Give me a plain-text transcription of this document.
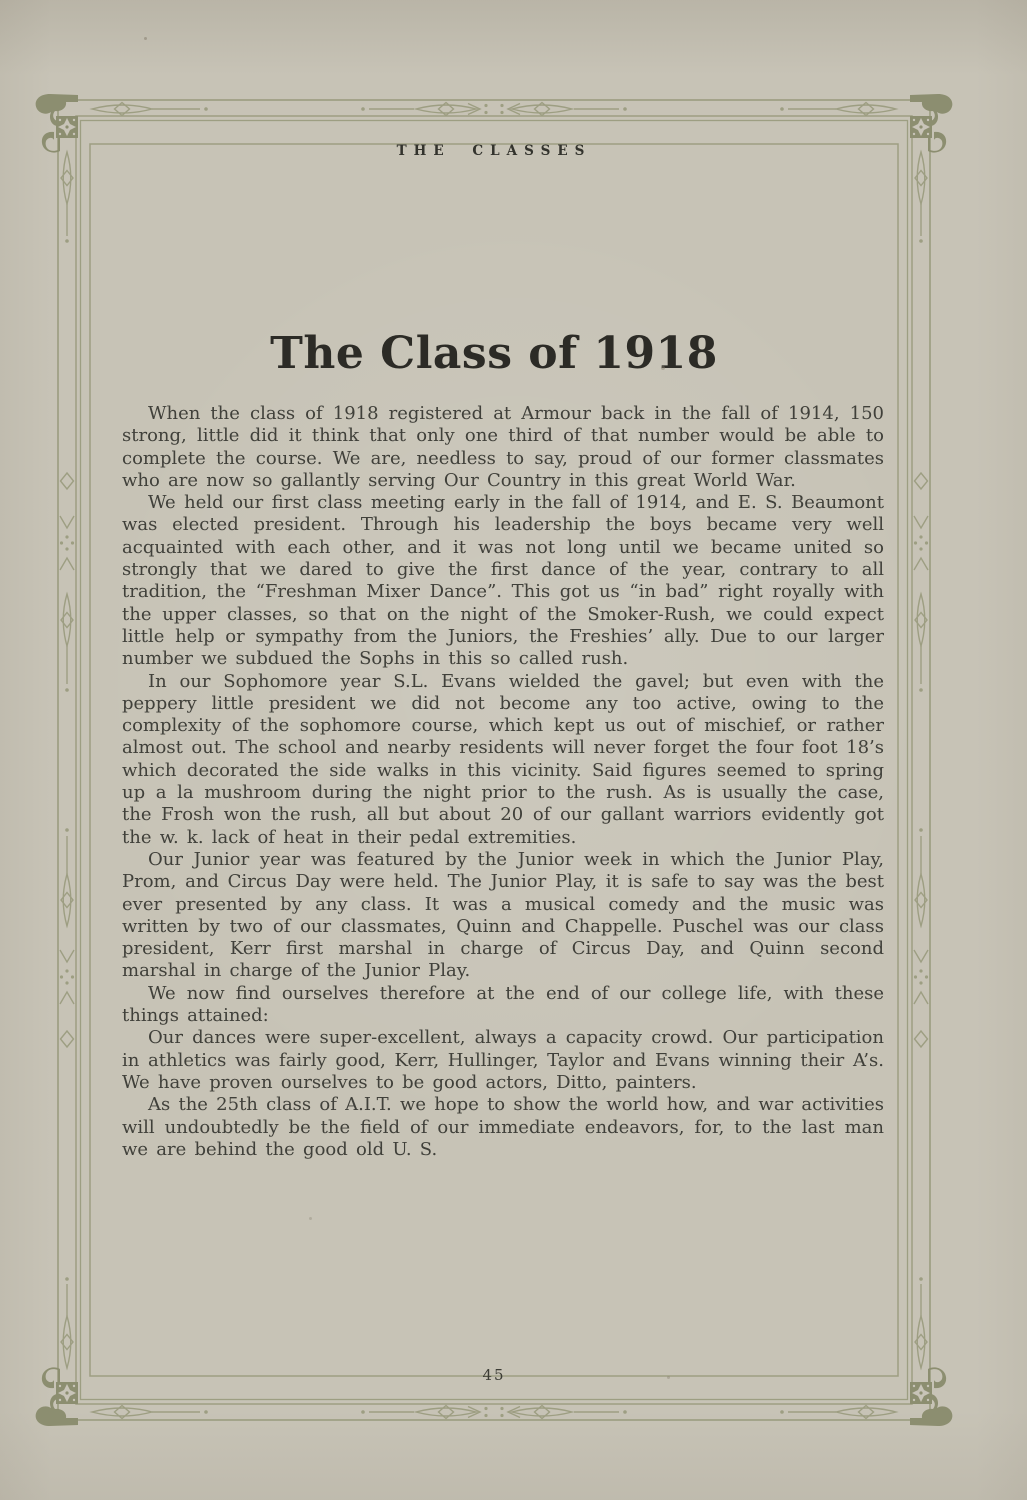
THE CLASSES
The Class of 1918

When the class of 1918 registered at Armour back in the fall of 1914, 150 strong, little did it think that only one third of that number would be able to complete the course. We are, needless to say, proud of our former classmates who are now so gallantly serving Our Country in this great World War.

We held our first class meeting early in the fall of 1914, and E. S. Beaumont was elected president. Through his leadership the boys became very well acquainted with each other, and it was not long until we became united so strongly that we dared to give the first dance of the year, contrary to all tradition, the “Freshman Mixer Dance”. This got us “in bad” right royally with the upper classes, so that on the night of the Smoker-Rush, we could expect little help or sympathy from the Juniors, the Freshies’ ally. Due to our larger number we subdued the Sophs in this so called rush.

In our Sophomore year S.L. Evans wielded the gavel; but even with the peppery little president we did not become any too active, owing to the complexity of the sophomore course, which kept us out of mischief, or rather almost out. The school and nearby residents will never forget the four foot 18’s which decorated the side walks in this vicinity. Said figures seemed to spring up a la mushroom during the night prior to the rush. As is usually the case, the Frosh won the rush, all but about 20 of our gallant warriors evidently got the w. k. lack of heat in their pedal extremities.

Our Junior year was featured by the Junior week in which the Junior Play, Prom, and Circus Day were held. The Junior Play, it is safe to say was the best ever presented by any class. It was a musical comedy and the music was written by two of our classmates, Quinn and Chappelle. Puschel was our class president, Kerr first marshal in charge of Circus Day, and Quinn second marshal in charge of the Junior Play.

We now find ourselves therefore at the end of our college life, with these things attained:

Our dances were super-excellent, always a capacity crowd. Our participation in athletics was fairly good, Kerr, Hullinger, Taylor and Evans winning their A’s. We have proven ourselves to be good actors, Ditto, painters.

As the 25th class of A.I.T. we hope to show the world how, and war activities will undoubtedly be the field of our immediate endeavors, for, to the last man we are behind the good old U. S.

45
